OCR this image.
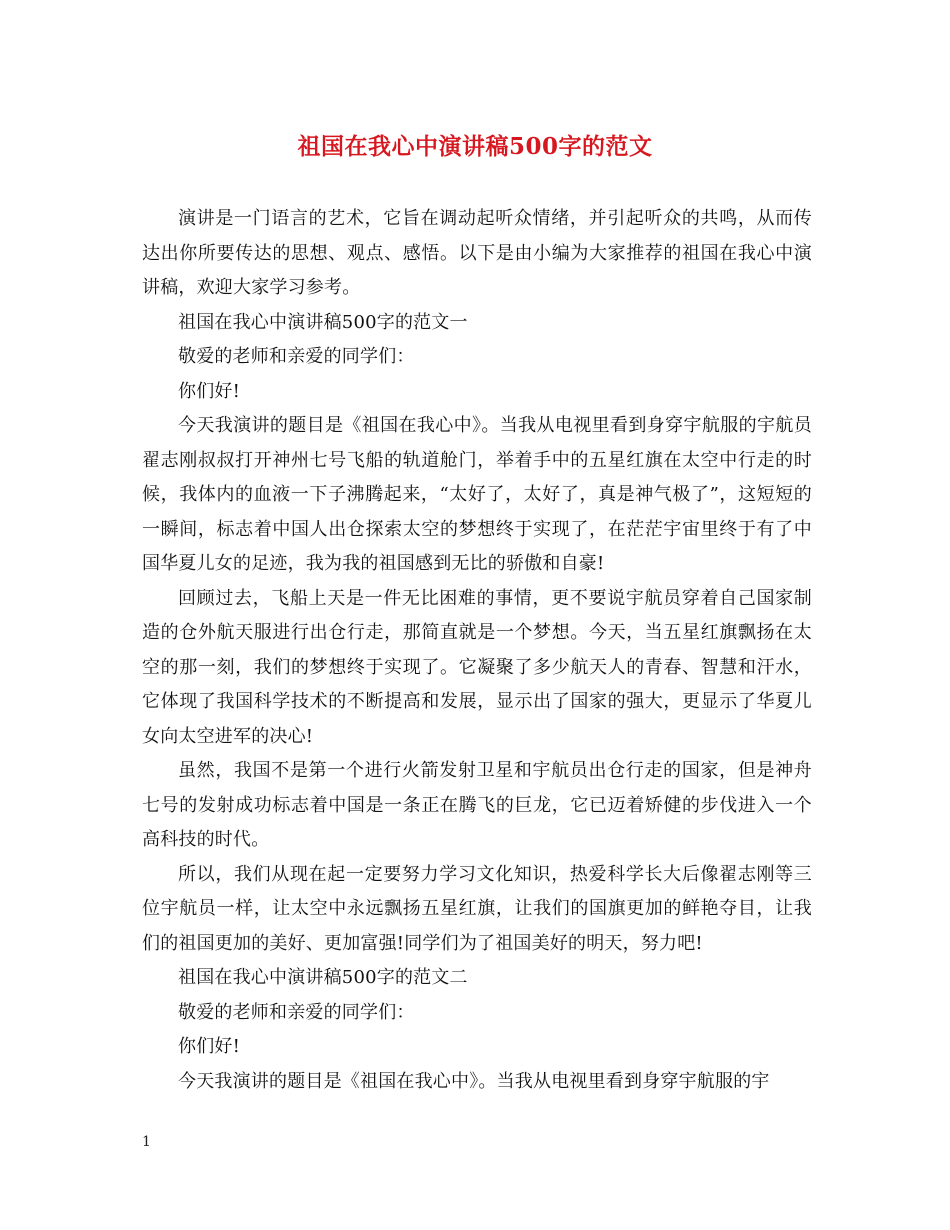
祖国在我心中演讲稿500字的范文

演讲是一门语言的艺术，它旨在调动起听众情绪，并引起听众的共鸣，从而传达出你所要传达的思想、观点、感悟。以下是由小编为大家推荐的祖国在我心中演讲稿，欢迎大家学习参考。

祖国在我心中演讲稿500字的范文一

敬爱的老师和亲爱的同学们：

你们好!

今天我演讲的题目是《祖国在我心中》。当我从电视里看到身穿宇航服的宇航员翟志刚叔叔打开神州七号飞船的轨道舱门，举着手中的五星红旗在太空中行走的时候，我体内的血液一下子沸腾起来，“太好了，太好了，真是神气极了”，这短短的一瞬间，标志着中国人出仓探索太空的梦想终于实现了，在茫茫宇宙里终于有了中国华夏儿女的足迹，我为我的祖国感到无比的骄傲和自豪!

回顾过去，飞船上天是一件无比困难的事情，更不要说宇航员穿着自己国家制造的仓外航天服进行出仓行走，那简直就是一个梦想。今天，当五星红旗飘扬在太空的那一刻，我们的梦想终于实现了。它凝聚了多少航天人的青春、智慧和汗水，它体现了我国科学技术的不断提高和发展，显示出了国家的强大，更显示了华夏儿女向太空进军的决心!

虽然，我国不是第一个进行火箭发射卫星和宇航员出仓行走的国家，但是神舟七号的发射成功标志着中国是一条正在腾飞的巨龙，它已迈着矫健的步伐进入一个高科技的时代。

所以，我们从现在起一定要努力学习文化知识，热爱科学长大后像翟志刚等三位宇航员一样，让太空中永远飘扬五星红旗，让我们的国旗更加的鲜艳夺目，让我们的祖国更加的美好、更加富强!同学们为了祖国美好的明天，努力吧!

祖国在我心中演讲稿500字的范文二

敬爱的老师和亲爱的同学们：

你们好!

今天我演讲的题目是《祖国在我心中》。当我从电视里看到身穿宇航服的宇

1
